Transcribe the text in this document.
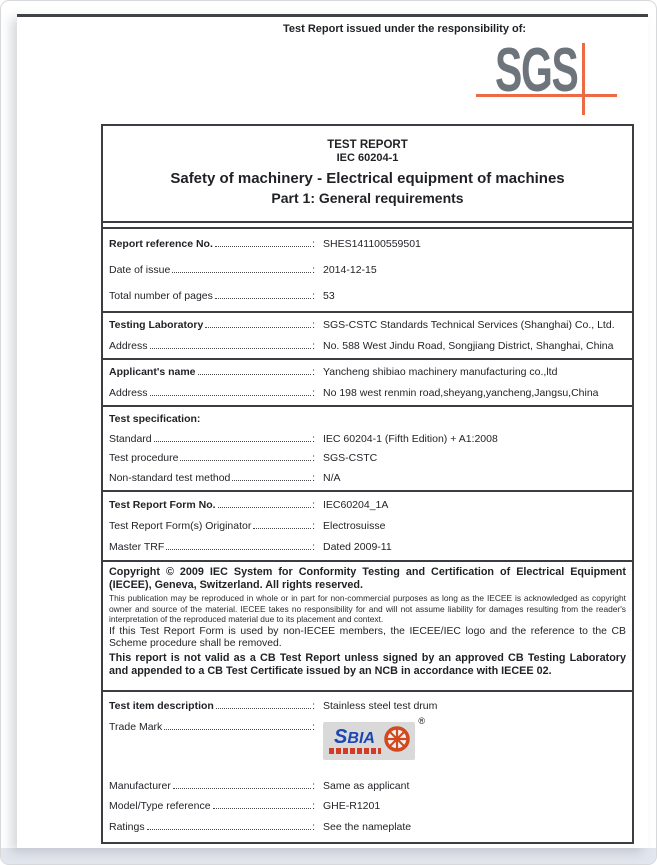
Test Report issued under the responsibility of:
SGS
TEST REPORT
IEC 60204-1
Safety of machinery - Electrical equipment of machines
Part 1: General requirements
Report reference No.	: SHES141100559501
Date of issue	: 2014-12-15
Total number of pages	: 53
Testing Laboratory	: SGS-CSTC Standards Technical Services (Shanghai) Co., Ltd.
Address	: No. 588 West Jindu Road, Songjiang District, Shanghai, China
Applicant's name	: Yancheng shibiao machinery manufacturing co.,ltd
Address	: No 198 west renmin road,sheyang,yancheng,Jangsu,China
Test specification:
Standard	: IEC 60204-1 (Fifth Edition) + A1:2008
Test procedure	: SGS-CSTC
Non-standard test method	: N/A
Test Report Form No.	: IEC60204_1A
Test Report Form(s) Originator	: Electrosuisse
Master TRF	: Dated 2009-11

Copyright © 2009 IEC System for Conformity Testing and Certification of Electrical Equipment (IECEE), Geneva, Switzerland. All rights reserved.

This publication may be reproduced in whole or in part for non-commercial purposes as long as the IECEE is acknowledged as copyright owner and source of the material. IECEE takes no responsibility for and will not assume liability for damages resulting from the reader's interpretation of the reproduced material due to its placement and context.

If this Test Report Form is used by non-IECEE members, the IECEE/IEC logo and the reference to the CB Scheme procedure shall be removed.

This report is not valid as a CB Test Report unless signed by an approved CB Testing Laboratory and appended to a CB Test Certificate issued by an NCB in accordance with IECEE 02.

Test item description	: Stainless steel test drum
Trade Mark	: SBIA
®
Manufacturer	: Same as applicant
Model/Type reference	: GHE-R1201
Ratings	: See the nameplate
